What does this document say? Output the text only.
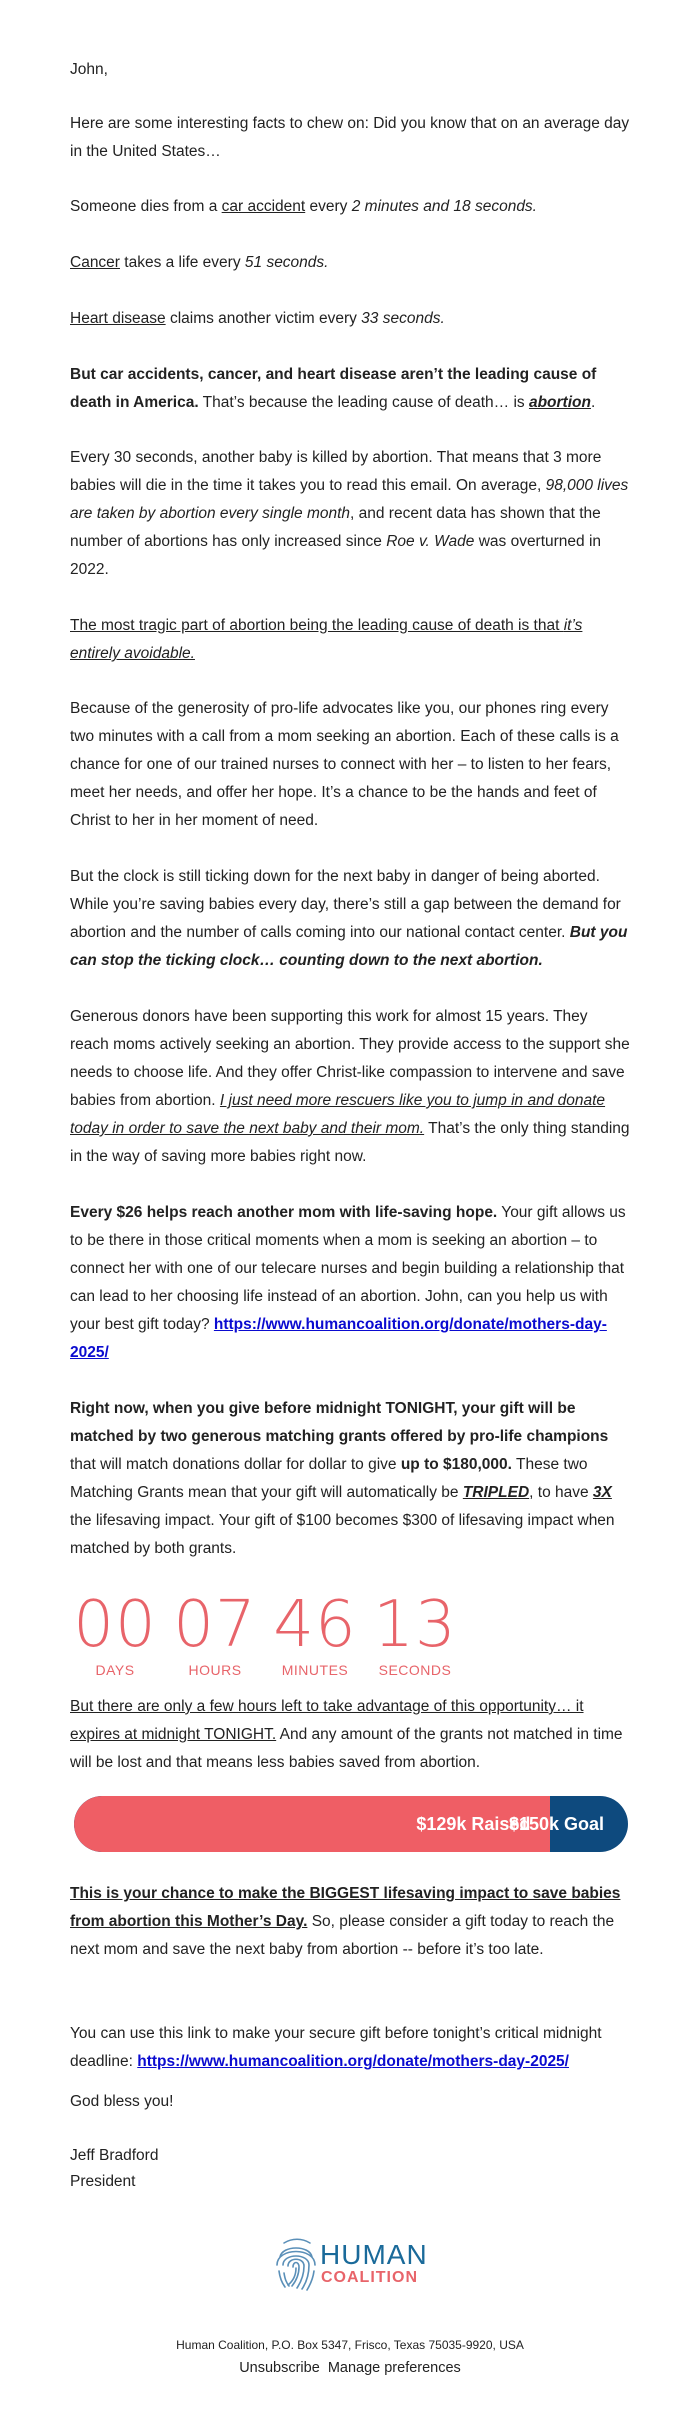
John,

Here are some interesting facts to chew on: Did you know that on an average day in the United States…

Someone dies from a car accident every 2 minutes and 18 seconds.

Cancer takes a life every 51 seconds.

Heart disease claims another victim every 33 seconds.

But car accidents, cancer, and heart disease aren’t the leading cause of death in America. That’s because the leading cause of death… is abortion.

Every 30 seconds, another baby is killed by abortion. That means that 3 more babies will die in the time it takes you to read this email. On average, 98,000 lives are taken by abortion every single month, and recent data has shown that the number of abortions has only increased since Roe v. Wade was overturned in 2022.

The most tragic part of abortion being the leading cause of death is that it’s entirely avoidable.

Because of the generosity of pro-life advocates like you, our phones ring every two minutes with a call from a mom seeking an abortion. Each of these calls is a chance for one of our trained nurses to connect with her – to listen to her fears, meet her needs, and offer her hope. It’s a chance to be the hands and feet of Christ to her in her moment of need.

But the clock is still ticking down for the next baby in danger of being aborted. While you’re saving babies every day, there’s still a gap between the demand for abortion and the number of calls coming into our national contact center. But you can stop the ticking clock… counting down to the next abortion.

Generous donors have been supporting this work for almost 15 years. They reach moms actively seeking an abortion. They provide access to the support she needs to choose life. And they offer Christ-like compassion to intervene and save babies from abortion. I just need more rescuers like you to jump in and donate today in order to save the next baby and their mom. That’s the only thing standing in the way of saving more babies right now.

Every $26 helps reach another mom with life-saving hope. Your gift allows us to be there in those critical moments when a mom is seeking an abortion – to connect her with one of our telecare nurses and begin building a relationship that can lead to her choosing life instead of an abortion. John, can you help us with your best gift today? https://www.humancoalition.org/donate/mothers-day-2025/

Right now, when you give before midnight TONIGHT, your gift will be matched by two generous matching grants offered by pro-life champions that will match donations dollar for dollar to give up to $180,000. These two Matching Grants mean that your gift will automatically be TRIPLED, to have 3X the lifesaving impact. Your gift of $100 becomes $300 of lifesaving impact when matched by both grants.

00
DAYS
07
HOURS
46
MINUTES
13
SECONDS

But there are only a few hours left to take advantage of this opportunity… it expires at midnight TONIGHT. And any amount of the grants not matched in time will be lost and that means less babies saved from abortion.

$129k Raised
$150k Goal

This is your chance to make the BIGGEST lifesaving impact to save babies from abortion this Mother’s Day. So, please consider a gift today to reach the next mom and save the next baby from abortion -- before it’s too late.

You can use this link to make your secure gift before tonight’s critical midnight deadline: https://www.humancoalition.org/donate/mothers-day-2025/

God bless you!

Jeff Bradford

President

HUMAN
COALITION
Human Coalition, P.O. Box 5347, Frisco, Texas 75035-9920, USA
Unsubscribe Manage preferences
